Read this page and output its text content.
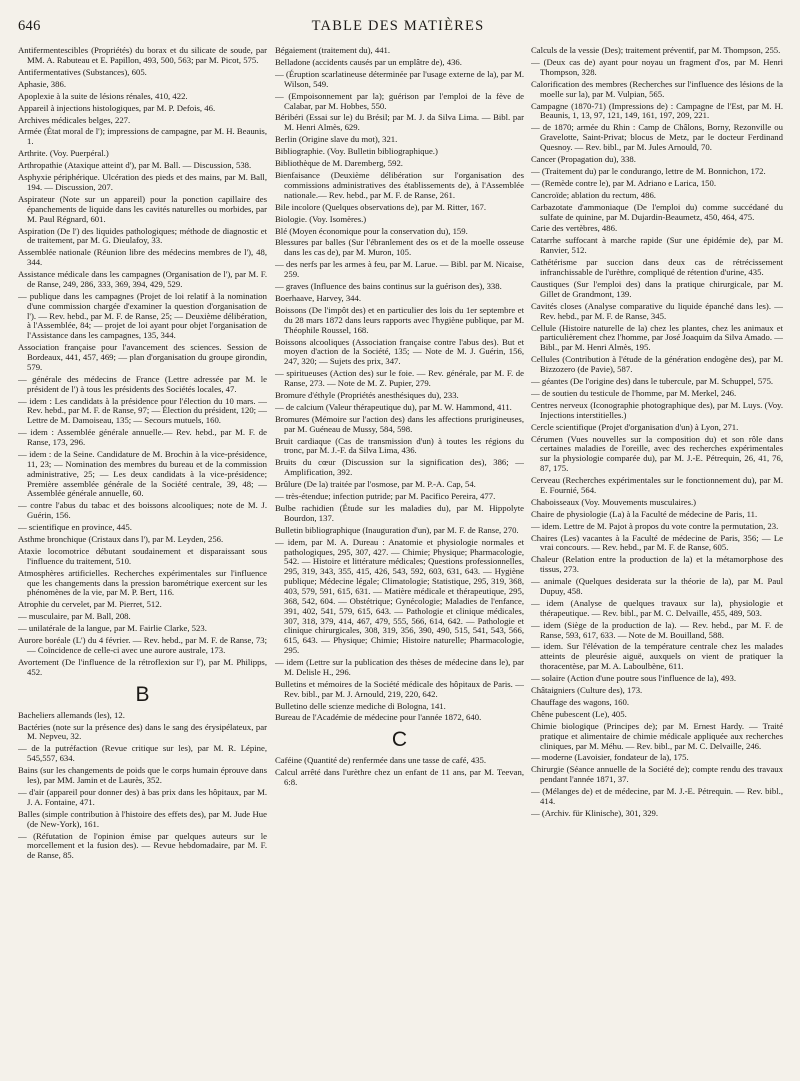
646	TABLE DES MATIÈRES

Antifermentescibles (Propriétés) du borax et du silicate de soude, par MM. A. Rabuteau et E. Papillon, 493, 500, 563; par M. Picot, 575.

Antifermentatives (Substances), 605.

Aphasie, 386.

Apoplexie à la suite de lésions rénales, 410, 422.

Appareil à injections histologiques, par M. P. Defois, 46.

Archives médicales belges, 227.

Armée (État moral de l'); impressions de campagne, par M. H. Beaunis, 1.

Arthrite. (Voy. Puerpéral.)

Arthropathie (Ataxique atteint d'), par M. Ball. — Discussion, 538.

Asphyxie périphérique. Ulcération des pieds et des mains, par M. Ball, 194. — Discussion, 207.

Aspirateur (Note sur un appareil) pour la ponction capillaire des épanchements de liquide dans les cavités naturelles ou morbides, par M. Paul Régnard, 601.

Aspiration (De l') des liquides pathologiques; méthode de diagnostic et de traitement, par M. G. Dieulafoy, 33.

Assemblée nationale (Réunion libre des médecins membres de l'), 48, 344.

Assistance médicale dans les campagnes (Organisation de l'), par M. F. de Ranse, 249, 286, 333, 369, 394, 429, 529.

— publique dans les campagnes (Projet de loi relatif à la nomination d'une commission chargée d'examiner la question d'organisation de l'). — Rev. hebd., par M. F. de Ranse, 25; — Deuxième délibération, à l'Assemblée, 84; — projet de loi ayant pour objet l'organisation de l'Assistance dans les campagnes, 135, 344.

Association française pour l'avancement des sciences. Session de Bordeaux, 441, 457, 469; — plan d'organisation du groupe girondin, 579.

— générale des médecins de France (Lettre adressée par M. le président de l') à tous les présidents des Sociétés locales, 47.

— idem : Les candidats à la présidence pour l'élection du 10 mars. — Rev. hebd., par M. F. de Ranse, 97; — Élection du président, 120; — Lettre de M. Damoiseau, 135; — Secours mutuels, 160.

— idem : Assemblée générale annuelle.— Rev. hebd., par M. F. de Ranse, 173, 296.

— idem : de la Seine. Candidature de M. Brochin à la vice-présidence, 11, 23; — Nomination des membres du bureau et de la commission administrative, 25; — Les deux candidats à la vice-présidence; Première assemblée générale de la Société centrale, 39, 48; — Assemblée générale annuelle, 60.

— contre l'abus du tabac et des boissons alcooliques; note de M. J. Guérin, 156.

— scientifique en province, 445.

Asthme bronchique (Cristaux dans l'), par M. Leyden, 256.

Ataxie locomotrice débutant soudainement et disparaissant sous l'influence du traitement, 510.

Atmosphères artificielles. Recherches expérimentales sur l'influence que les changements dans la pression barométrique exercent sur les phénomènes de la vie, par M. P. Bert, 116.

Atrophie du cervelet, par M. Pierret, 512.

— musculaire, par M. Ball, 208.

— unilatérale de la langue, par M. Fairlie Clarke, 523.

Aurore boréale (L') du 4 février. — Rev. hebd., par M. F. de Ranse, 73; — Coïncidence de celle-ci avec une aurore australe, 173.

Avortement (De l'influence de la rétroflexion sur l'), par M. Philipps, 452.

B

Bacheliers allemands (les), 12.

Bactéries (note sur la présence des) dans le sang des érysipélateux, par M. Nepveu, 32.

— de la putréfaction (Revue critique sur les), par M. R. Lépine, 545,557, 634.

Bains (sur les changements de poids que le corps humain éprouve dans les), par MM. Jamin et de Laurès, 352.

— d'air (appareil pour donner des) à bas prix dans les hôpitaux, par M. J. A. Fontaine, 471.

Balles (simple contribution à l'histoire des effets des), par M. Jude Hue (de New-York), 161.

— (Réfutation de l'opinion émise par quelques auteurs sur le morcellement et la fusion des). — Revue hebdomadaire, par M. F. de Ranse, 85.

Bégaiement (traitement du), 441.

Belladone (accidents causés par un emplâtre de), 436.

— (Éruption scarlatineuse déterminée par l'usage externe de la), par M. Wilson, 549.

— (Empoisonnement par la); guérison par l'emploi de la fève de Calabar, par M. Hobbes, 550.

Béribéri (Essai sur le) du Brésil; par M. J. da Silva Lima. — Bibl. par M. Henri Almès, 629.

Berlin (Origine slave du mot), 321.

Bibliographie. (Voy. Bulletin bibliographique.)

Bibliothèque de M. Daremberg, 592.

Bienfaisance (Deuxième délibération sur l'organisation des commissions administratives des établissements de), à l'Assemblée nationale.— Rev. hebd., par M. F. de Ranse, 261.

Bile incolore (Quelques observations de), par M. Ritter, 167.

Biologie. (Voy. Isomères.)

Blé (Moyen économique pour la conservation du), 159.

Blessures par balles (Sur l'ébranlement des os et de la moelle osseuse dans les cas de), par M. Muron, 105.

— des nerfs par les armes à feu, par M. Larue. — Bibl. par M. Nicaise, 259.

— graves (Influence des bains continus sur la guérison des), 338.

Boerhaave, Harvey, 344.

Boissons (De l'impôt des) et en particulier des lois du 1er septembre et du 28 mars 1872 dans leurs rapports avec l'hygiène publique, par M. Théophile Roussel, 168.

Boissons alcooliques (Association française contre l'abus des). But et moyen d'action de la Société, 135; — Note de M. J. Guérin, 156, 247, 320; — Sujets des prix, 347.

— spiritueuses (Action des) sur le foie. — Rev. générale, par M. F. de Ranse, 273. — Note de M. Z. Pupier, 279.

Bromure d'éthyle (Propriétés anesthésiques du), 233.

— de calcium (Valeur thérapeutique du), par M. W. Hammond, 411.

Bromures (Mémoire sur l'action des) dans les affections prurigineuses, par M. Guéneau de Mussy, 584, 598.

Bruit cardiaque (Cas de transmission d'un) à toutes les régions du tronc, par M. J.-F. da Silva Lima, 436.

Bruits du cœur (Discussion sur la signification des), 386; — Amplification, 392.

Brûlure (De la) traitée par l'osmose, par M. P.-A. Cap, 54.

— très-étendue; infection putride; par M. Pacifico Pereira, 477.

Bulbe rachidien (Étude sur les maladies du), par M. Hippolyte Bourdon, 137.

Bulletin bibliographique (Inauguration d'un), par M. F. de Ranse, 270.

— idem, par M. A. Dureau : Anatomie et physiologie normales et pathologiques, 295, 307, 427. — Chimie; Physique; Pharmacologie, 542. — Histoire et littérature médicales; Questions professionnelles, 295, 319, 343, 355, 415, 426, 543, 592, 603, 631, 643. — Hygiène publique; Médecine légale; Climatologie; Statistique, 295, 319, 368, 403, 579, 591, 615, 631. — Matière médicale et thérapeutique, 295, 368, 542, 604. — Obstétrique; Gynécologie; Maladies de l'enfance, 391, 402, 541, 579, 615, 643. — Pathologie et clinique médicales, 307, 318, 379, 414, 467, 479, 555, 566, 614, 642. — Pathologie et clinique chirurgicales, 308, 319, 356, 390, 490, 515, 541, 543, 566, 615, 643. — Physique; Chimie; Histoire naturelle; Pharmacologie, 295.

— idem (Lettre sur la publication des thèses de médecine dans le), par M. Delisle H., 296.

Bulletins et mémoires de la Société médicale des hôpitaux de Paris. — Rev. bibl., par M. J. Arnould, 219, 220, 642.

Bulletino delle scienze mediche di Bologna, 141.

Bureau de l'Académie de médecine pour l'année 1872, 640.

C

Caféine (Quantité de) renfermée dans une tasse de café, 435.

Calcul arrêté dans l'urèthre chez un enfant de 11 ans, par M. Teevan, 6:8.

Calculs de la vessie (Des); traitement préventif, par M. Thompson, 255.

— (Deux cas de) ayant pour noyau un fragment d'os, par M. Henri Thompson, 328.

Calorification des membres (Recherches sur l'influence des lésions de la moelle sur la), par M. Vulpian, 565.

Campagne (1870-71) (Impressions de) : Campagne de l'Est, par M. H. Beaunis, 1, 13, 97, 121, 149, 161, 197, 209, 221.

— de 1870; armée du Rhin : Camp de Châlons, Borny, Rezonville ou Gravelotte, Saint-Privat; blocus de Metz, par le docteur Ferdinand Quesnoy. — Rev. bibl., par M. Jules Arnould, 70.

Cancer (Propagation du), 338.

— (Traitement du) par le condurango, lettre de M. Bonnichon, 172.

— (Remède contre le), par M. Adriano e Larica, 150.

Cancroïde; ablation du rectum, 486.

Carbazotate d'ammoniaque (De l'emploi du) comme succédané du sulfate de quinine, par M. Dujardin-Beaumetz, 450, 464, 475.

Carie des vertèbres, 486.

Catarrhe suffocant à marche rapide (Sur une épidémie de), par M. Ranvier, 512.

Cathétérisme par succion dans deux cas de rétrécissement infranchissable de l'urèthre, compliqué de rétention d'urine, 435.

Caustiques (Sur l'emploi des) dans la pratique chirurgicale, par M. Gillet de Grandmont, 139.

Cavités closes (Analyse comparative du liquide épanché dans les). — Rev. hebd., par M. F. de Ranse, 345.

Cellule (Histoire naturelle de la) chez les plantes, chez les animaux et particulièrement chez l'homme, par José Joaquim da Silva Amado. — Bibl., par M. Henri Almès, 195.

Cellules (Contribution à l'étude de la génération endogène des), par M. Bizzozero (de Pavie), 587.

— géantes (De l'origine des) dans le tubercule, par M. Schuppel, 575.

— de soutien du testicule de l'homme, par M. Merkel, 246.

Centres nerveux (Iconographie photographique des), par M. Luys. (Voy. Injections interstitielles.)

Cercle scientifique (Projet d'organisation d'un) à Lyon, 271.

Cérumen (Vues nouvelles sur la composition du) et son rôle dans certaines maladies de l'oreille, avec des recherches expérimentales sur la physiologie comparée du), par M. J.-E. Pétrequin, 26, 41, 76, 87, 175.

Cerveau (Recherches expérimentales sur le fonctionnement du), par M. E. Fournié, 564.

Chaboisseaux (Voy. Mouvements musculaires.)

Chaire de physiologie (La) à la Faculté de médecine de Paris, 11.

— idem. Lettre de M. Pajot à propos du vote contre la permutation, 23.

Chaires (Les) vacantes à la Faculté de médecine de Paris, 356; — Le vrai concours. — Rev. hebd., par M. F. de Ranse, 605.

Chaleur (Relation entre la production de la) et la métamorphose des tissus, 273.

— animale (Quelques desiderata sur la théorie de la), par M. Paul Dupuy, 458.

— idem (Analyse de quelques travaux sur la), physiologie et thérapeutique. — Rev. bibl., par M. C. Delvaille, 455, 489, 503.

— idem (Siège de la production de la). — Rev. hebd., par M. F. de Ranse, 593, 617, 633. — Note de M. Bouilland, 588.

— idem. Sur l'élévation de la température centrale chez les malades atteints de pleurésie aiguë, auxquels on vient de pratiquer la thoracentèse, par M. A. Laboulbène, 611.

— solaire (Action d'une poutre sous l'influence de la), 493.

Châtaigniers (Culture des), 173.

Chauffage des wagons, 160.

Chêne pubescent (Le), 405.

Chimie biologique (Principes de); par M. Ernest Hardy. — Traité pratique et alimentaire de chimie médicale appliquée aux recherches cliniques, par M. Méhu. — Rev. bibl., par M. C. Delvaille, 246.

— moderne (Lavoisier, fondateur de la), 175.

Chirurgie (Séance annuelle de la Société de); compte rendu des travaux pendant l'année 1871, 37.

— (Mélanges de) et de médecine, par M. J.-E. Pétrequin. — Rev. bibl., 414.

— (Archiv. für Klinische), 301, 329.
